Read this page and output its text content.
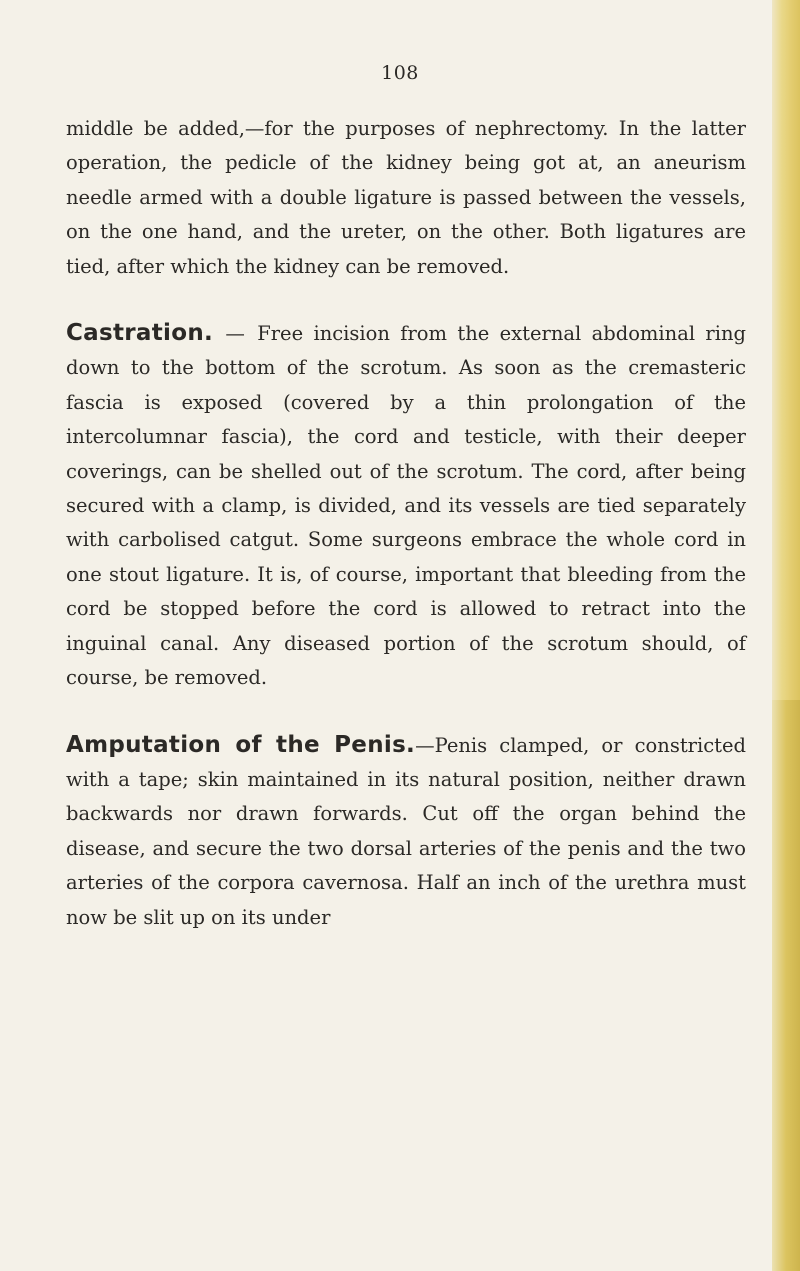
108

middle be added,—for the purposes of nephrectomy. In the latter operation, the pedicle of the kidney being got at, an aneurism needle armed with a double ligature is passed between the vessels, on the one hand, and the ureter, on the other. Both ligatures are tied, after which the kidney can be removed.

Castration. — Free incision from the external abdominal ring down to the bottom of the scrotum. As soon as the cremasteric fascia is exposed (covered by a thin prolongation of the intercolumnar fascia), the cord and testicle, with their deeper coverings, can be shelled out of the scrotum. The cord, after being secured with a clamp, is divided, and its vessels are tied separately with carbolised catgut. Some surgeons embrace the whole cord in one stout ligature. It is, of course, important that bleeding from the cord be stopped before the cord is allowed to retract into the inguinal canal. Any diseased portion of the scrotum should, of course, be removed.

Amputation of the Penis.—Penis clamped, or constricted with a tape; skin maintained in its natural position, neither drawn backwards nor drawn forwards. Cut off the organ behind the disease, and secure the two dorsal arteries of the penis and the two arteries of the corpora cavernosa. Half an inch of the urethra must now be slit up on its under
